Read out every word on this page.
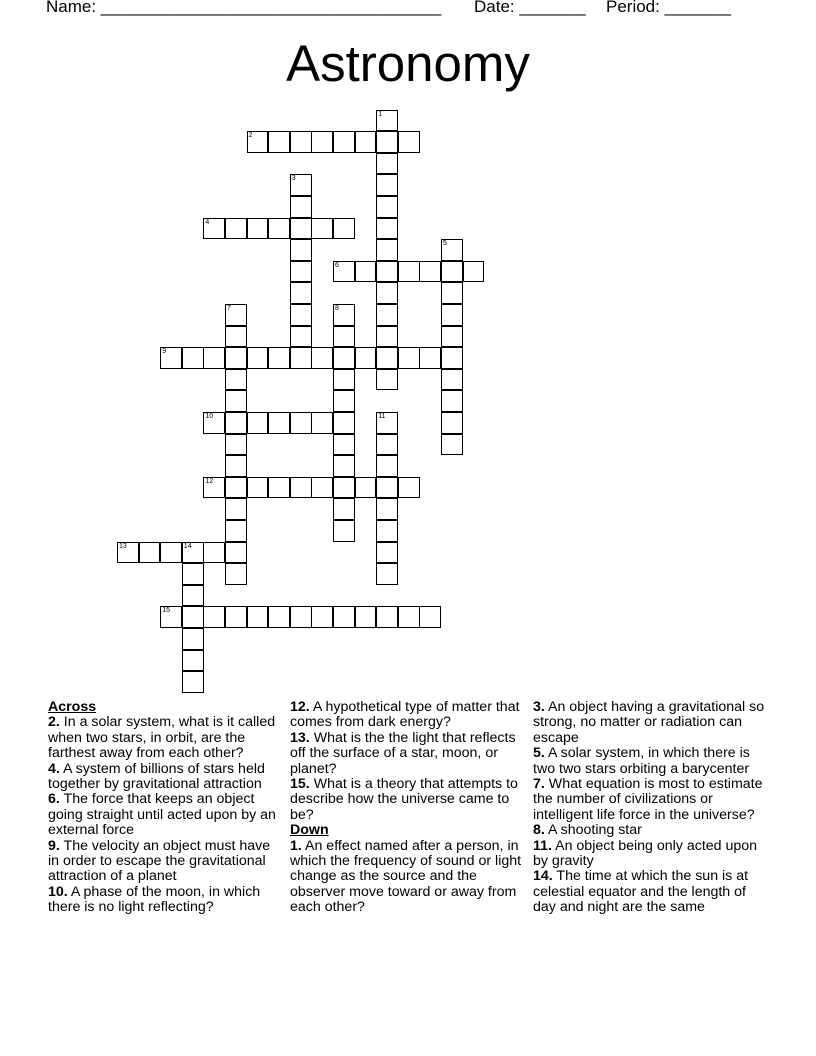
Name: ____________________________________ Date: _______ Period: _______
Astronomy
1
2
3
4
5
6
7	8
9
10	11
12
13	14
15
Across
2. In a solar system, what is it called when two stars, in orbit, are the farthest away from each other?
4. A system of billions of stars held together by gravitational attraction
6. The force that keeps an object going straight until acted upon by an external force
9. The velocity an object must have in order to escape the gravitational attraction of a planet
10. A phase of the moon, in which there is no light reflecting?
12. A hypothetical type of matter that comes from dark energy?
13. What is the the light that reflects off the surface of a star, moon, or planet?
15. What is a theory that attempts to describe how the universe came to be?
Down
1. An effect named after a person, in which the frequency of sound or light change as the source and the observer move toward or away from each other?
3. An object having a gravitational so strong, no matter or radiation can escape
5. A solar system, in which there is two two stars orbiting a barycenter
7. What equation is most to estimate the number of civilizations or intelligent life force in the universe?
8. A shooting star
11. An object being only acted upon by gravity
14. The time at which the sun is at celestial equator and the length of day and night are the same
